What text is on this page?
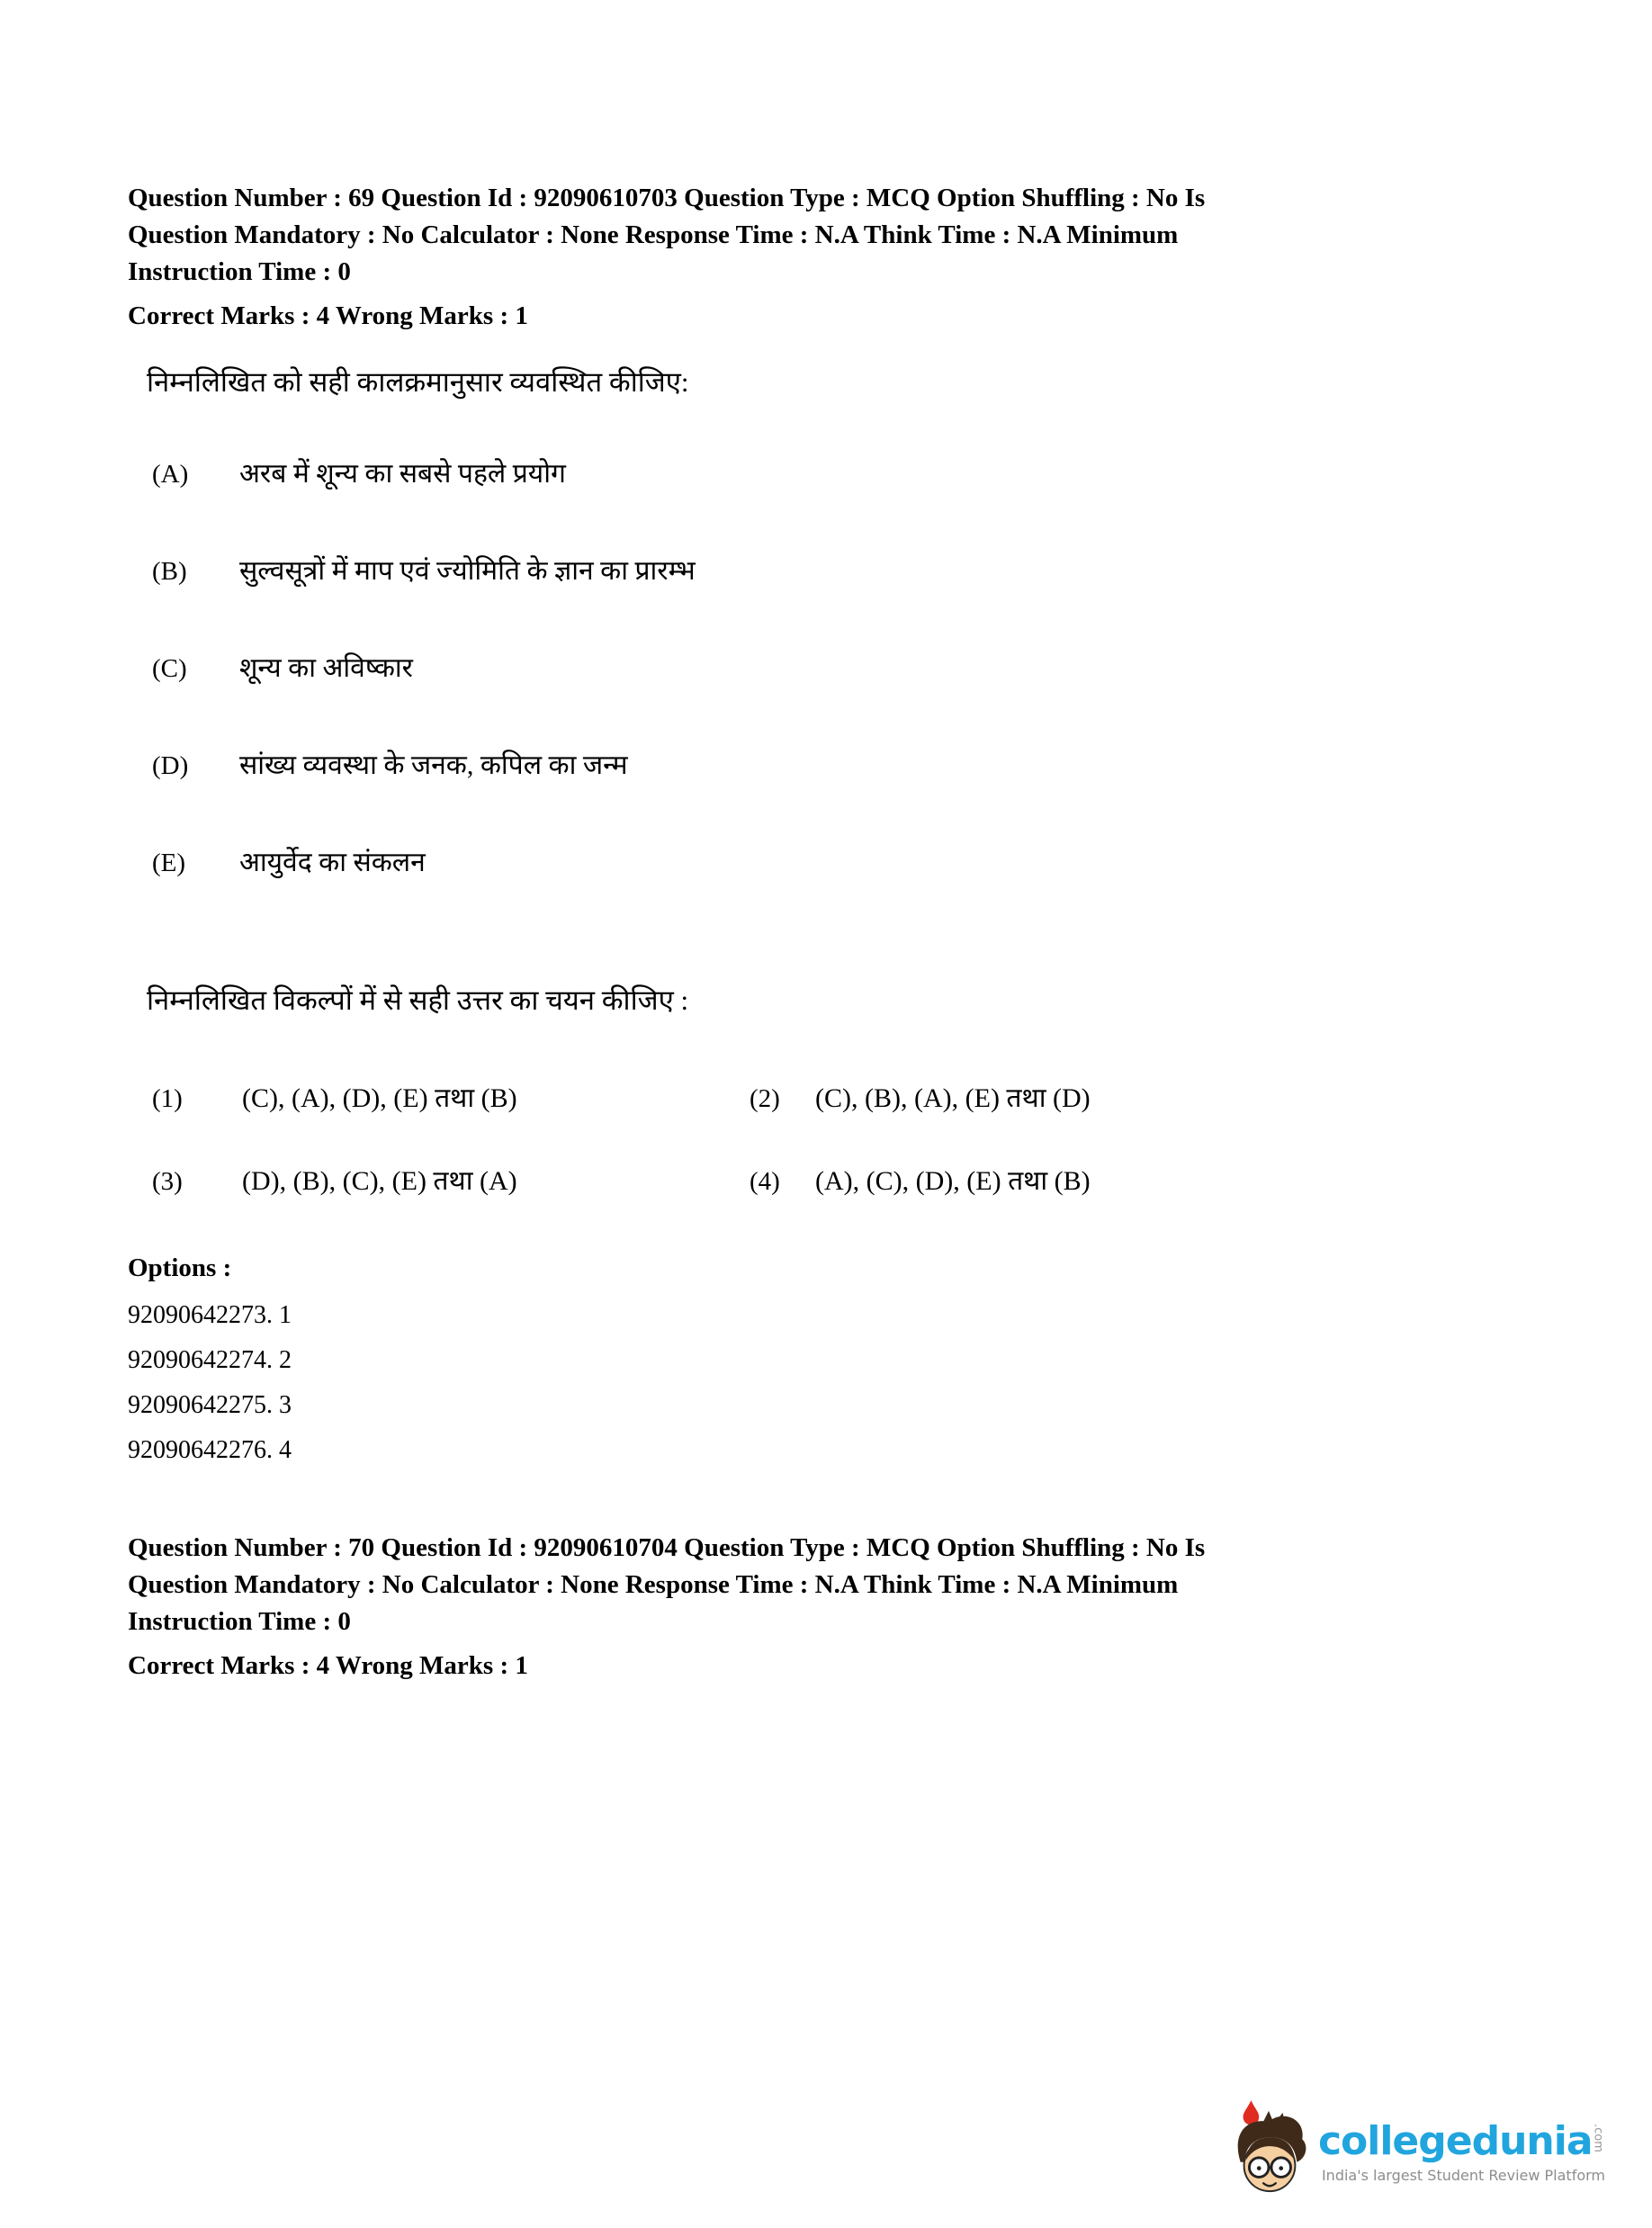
Question Number : 69 Question Id : 92090610703 Question Type : MCQ Option Shuffling : No Is
Question Mandatory : No Calculator : None Response Time : N.A Think Time : N.A Minimum
Instruction Time : 0
Correct Marks : 4 Wrong Marks : 1
निम्नलिखित को सही कालक्रमानुसार व्यवस्थित कीजिए:
(A)	अरब में शून्य का सबसे पहले प्रयोग
(B)	सुल्वसूत्रों में माप एवं ज्योमिति के ज्ञान का प्रारम्भ
(C)	शून्य का अविष्कार
(D)	सांख्य व्यवस्था के जनक, कपिल का जन्म
(E)	आयुर्वेद का संकलन
निम्नलिखित विकल्पों में से सही उत्तर का चयन कीजिए :
(1)	(C), (A), (D), (E) तथा (B)	(2)	(C), (B), (A), (E) तथा (D)
(3)	(D), (B), (C), (E) तथा (A)	(4)	(A), (C), (D), (E) तथा (B)
Options :
92090642273. 1
92090642274. 2
92090642275. 3
92090642276. 4
Question Number : 70 Question Id : 92090610704 Question Type : MCQ Option Shuffling : No Is
Question Mandatory : No Calculator : None Response Time : N.A Think Time : N.A Minimum
Instruction Time : 0
Correct Marks : 4 Wrong Marks : 1
collegedunia .com
India's largest Student Review Platform
